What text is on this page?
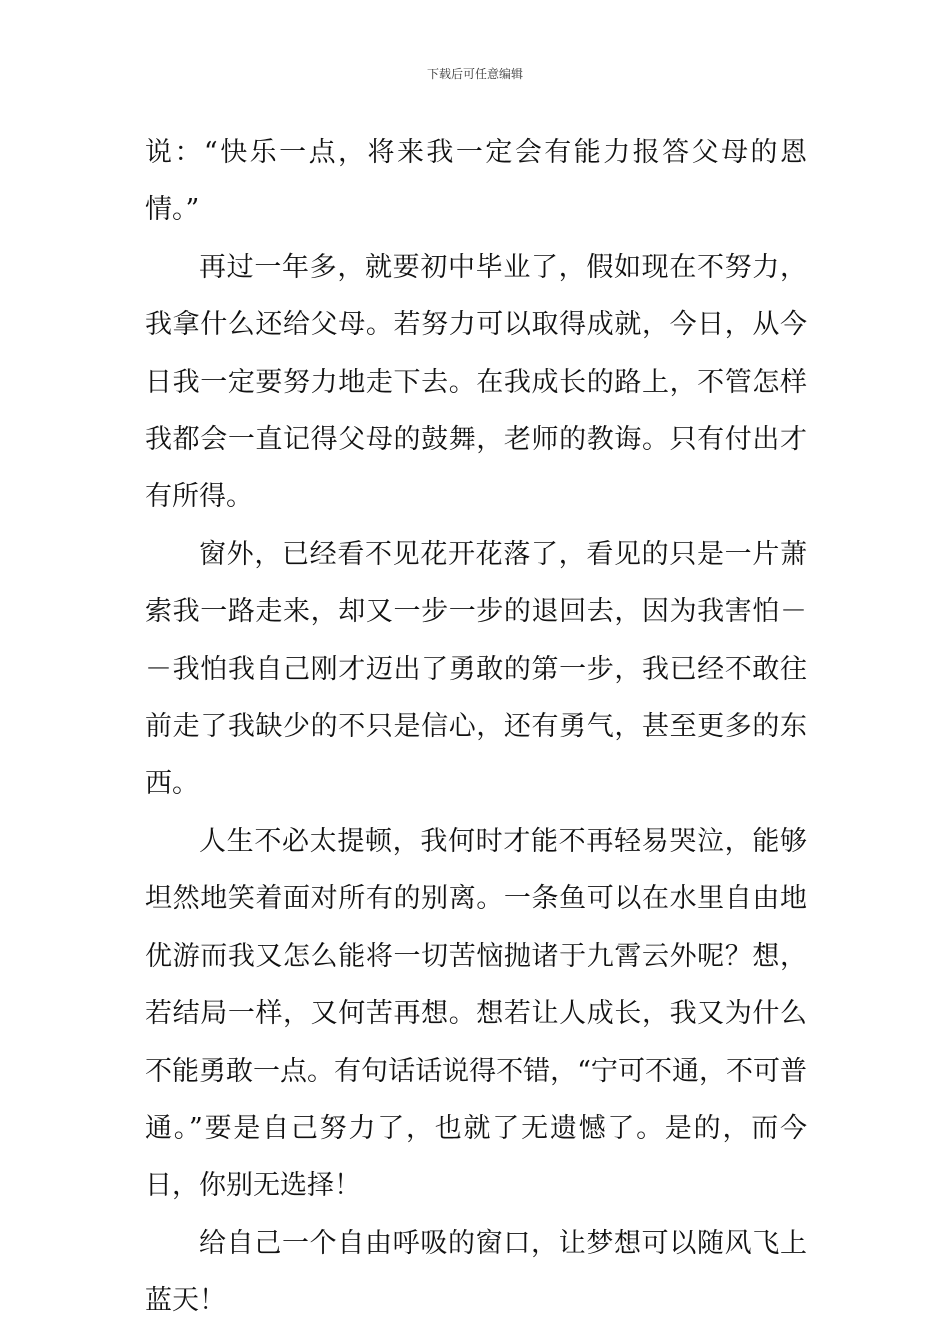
下载后可任意编辑

说：“快乐一点，将来我一定会有能力报答父母的恩情。”

再过一年多，就要初中毕业了，假如现在不努力，我拿什么还给父母。若努力可以取得成就，今日，从今日我一定要努力地走下去。在我成长的路上，不管怎样我都会一直记得父母的鼓舞，老师的教诲。只有付出才有所得。

窗外，已经看不见花开花落了，看见的只是一片萧索我一路走来，却又一步一步的退回去，因为我害怕－－我怕我自己刚才迈出了勇敢的第一步，我已经不敢往前走了我缺少的不只是信心，还有勇气，甚至更多的东西。

人生不必太提顿，我何时才能不再轻易哭泣，能够坦然地笑着面对所有的别离。一条鱼可以在水里自由地优游而我又怎么能将一切苦恼抛诸于九霄云外呢？想，若结局一样，又何苦再想。想若让人成长，我又为什么不能勇敢一点。有句话话说得不错，“宁可不通，不可普通。”要是自己努力了，也就了无遗憾了。是的，而今日，你别无选择！

给自己一个自由呼吸的窗口，让梦想可以随风飞上蓝天！
